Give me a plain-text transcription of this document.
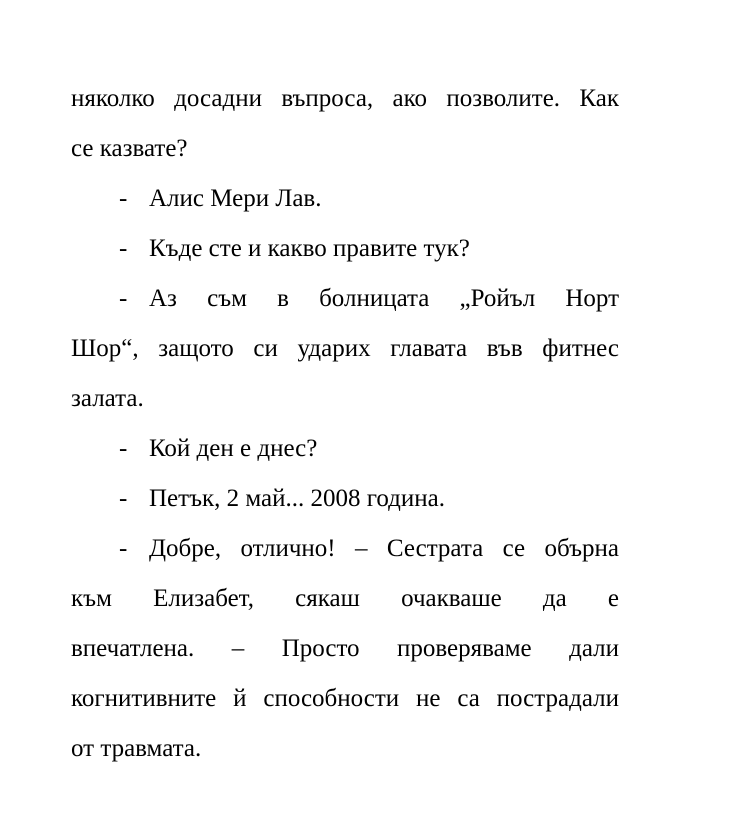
няколко досадни въпроса, ако позволите. Как
се казвате?
- Алис Мери Лав.
- Къде сте и какво правите тук?
- Аз съм в болницата „Ройъл Норт
Шор“, защото си ударих главата във фитнес
залата.
- Кой ден е днес?
- Петък, 2 май... 2008 година.
- Добре, отлично! – Сестрата се обърна
към Елизабет, сякаш очакваше да е
впечатлена. – Просто проверяваме дали
когнитивните й способности не са пострадали
от травмата.
